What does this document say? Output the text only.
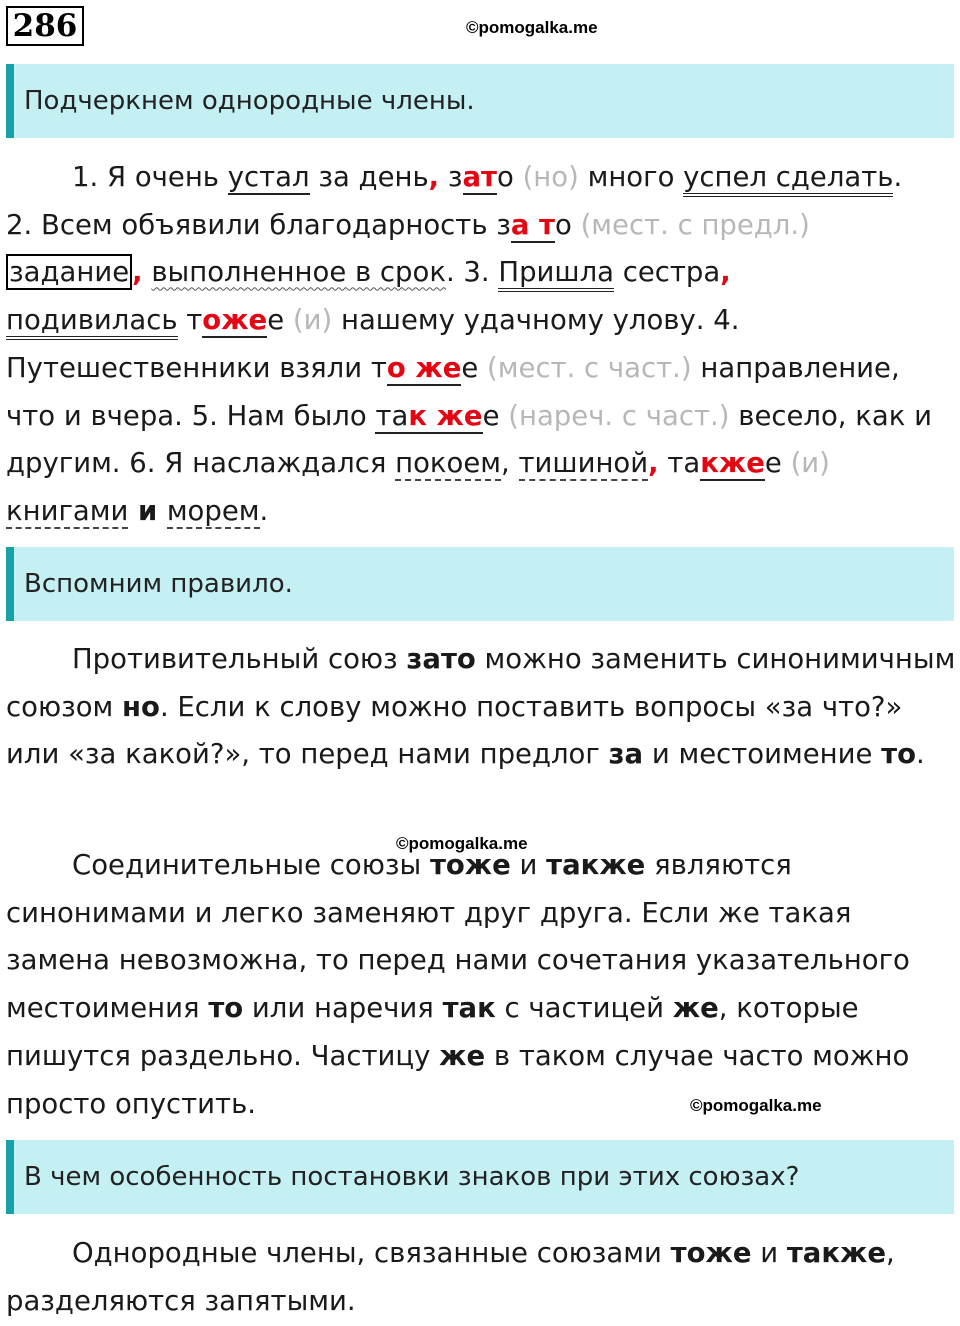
286	©pomogalka.me
Подчеркнем однородные члены.
1. Я очень устал за день, зато (но) много успел сделать.
2. Всем объявили благодарность за то (мест. с предл.)
задание , выполненное в срок. 3. Пришла сестра,
подивилась тожее (и) нашему удачному улову. 4.
Путешественники взяли то жее (мест. с част.) направление,
что и вчера. 5. Нам было так жее (нареч. с част.) весело, как и
другим. 6. Я наслаждался покоем, тишиной, такжее (и)
книгами и морем.
Вспомним правило.
Противительный союз зато можно заменить синонимичным союзом но. Если к слову можно поставить вопросы «за что?» или «за какой?», то перед нами предлог за и местоимение то.
©pomogalka.me
Соединительные союзы тоже и также являются синонимами и легко заменяют друг друга. Если же такая замена невозможна, то перед нами сочетания указательного местоимения то или наречия так с частицей же, которые пишутся раздельно. Частицу же в таком случае часто можно просто опустить.	©pomogalka.me
В чем особенность постановки знаков при этих союзах?
Однородные члены, связанные союзами тоже и также, разделяются запятыми.
